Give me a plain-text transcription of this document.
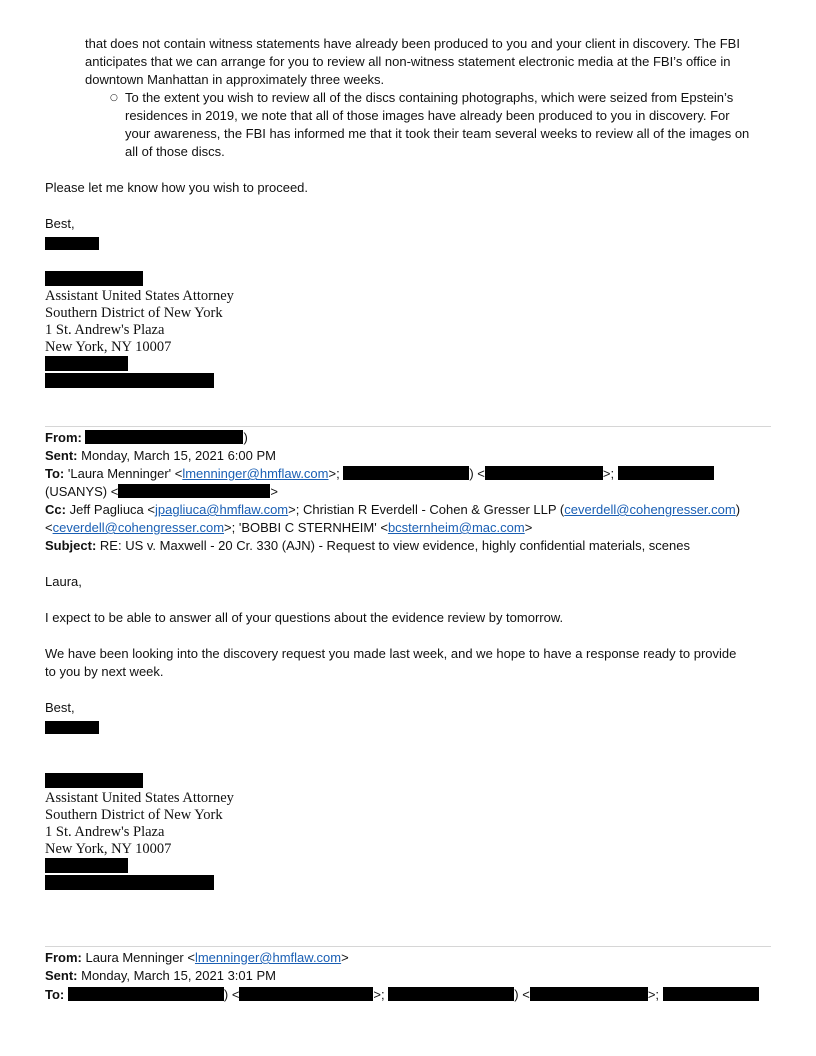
that does not contain witness statements have already been produced to you and your client in discovery. The FBI
anticipates that we can arrange for you to review all non-witness statement electronic media at the FBI’s office in
downtown Manhattan in approximately three weeks.
○ To the extent you wish to review all of the discs containing photographs, which were seized from Epstein’s
residences in 2019, we note that all of those images have already been produced to you in discovery. For
your awareness, the FBI has informed me that it took their team several weeks to review all of the images on
all of those discs.
Please let me know how you wish to proceed.
Best,
Assistant United States Attorney
Southern District of New York
1 St. Andrew's Plaza
New York, NY 10007
From:	)
Sent: Monday, March 15, 2021 6:00 PM
To: 'Laura Menninger' <lmenninger@hmflaw.com>;	) <	>;
(USANYS) <	>
Cc: Jeff Pagliuca <jpagliuca@hmflaw.com>; Christian R Everdell - Cohen & Gresser LLP (ceverdell@cohengresser.com)
<ceverdell@cohengresser.com>; 'BOBBI C STERNHEIM' <bcsternheim@mac.com>
Subject: RE: US v. Maxwell - 20 Cr. 330 (AJN) - Request to view evidence, highly confidential materials, scenes
Laura,
I expect to be able to answer all of your questions about the evidence review by tomorrow.
We have been looking into the discovery request you made last week, and we hope to have a response ready to provide
to you by next week.
Best,
Assistant United States Attorney
Southern District of New York
1 St. Andrew's Plaza
New York, NY 10007
From: Laura Menninger <lmenninger@hmflaw.com>
Sent: Monday, March 15, 2021 3:01 PM
To:	) <	>;	) <	>;
